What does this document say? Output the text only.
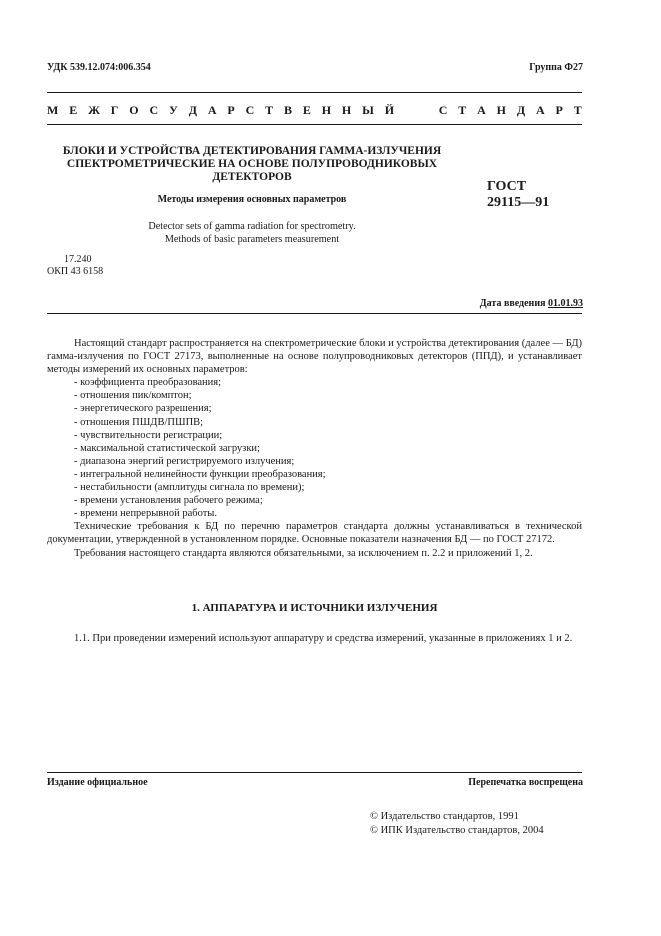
УДК 539.12.074:006.354	Группа Ф27
М Е Ж Г О С У Д А Р С Т В Е Н Н Ы Й	С Т А Н Д А Р Т
БЛОКИ И УСТРОЙСТВА ДЕТЕКТИРОВАНИЯ ГАММА-ИЗЛУЧЕНИЯ
СПЕКТРОМЕТРИЧЕСКИЕ НА ОСНОВЕ ПОЛУПРОВОДНИКОВЫХ
ДЕТЕКТОРОВ
Методы измерения основных параметров
Detector sets of gamma radiation for spectrometry.
Methods of basic parameters measurement
ГОСТ
29115—91
17.240
ОКП 43 6158
Дата введения 01.01.93

Настоящий стандарт распространяется на спектрометрические блоки и устройства детектирования (далее — БД) гамма-излучения по ГОСТ 27173, выполненные на основе полупроводниковых детекторов (ППД), и устанавливает методы измерений их основных параметров:

- коэффициента преобразования;
- отношения пик/комптон;
- энергетического разрешения;
- отношения ПШДВ/ПШПВ;
- чувствительности регистрации;
- максимальной статистической загрузки;
- диапазона энергий регистрируемого излучения;
- интегральной нелинейности функции преобразования;
- нестабильности (амплитуды сигнала по времени);
- времени установления рабочего режима;
- времени непрерывной работы.

Технические требования к БД по перечню параметров стандарта должны устанавливаться в технической документации, утвержденной в установленном порядке. Основные показатели назначения БД — по ГОСТ 27172.

Требования настоящего стандарта являются обязательными, за исключением п. 2.2 и приложений 1, 2.

1. АППАРАТУРА И ИСТОЧНИКИ ИЗЛУЧЕНИЯ

1.1. При проведении измерений используют аппаратуру и средства измерений, указанные в приложениях 1 и 2.

Издание официальное	Перепечатка воспрещена
© Издательство стандартов, 1991
© ИПК Издательство стандартов, 2004
